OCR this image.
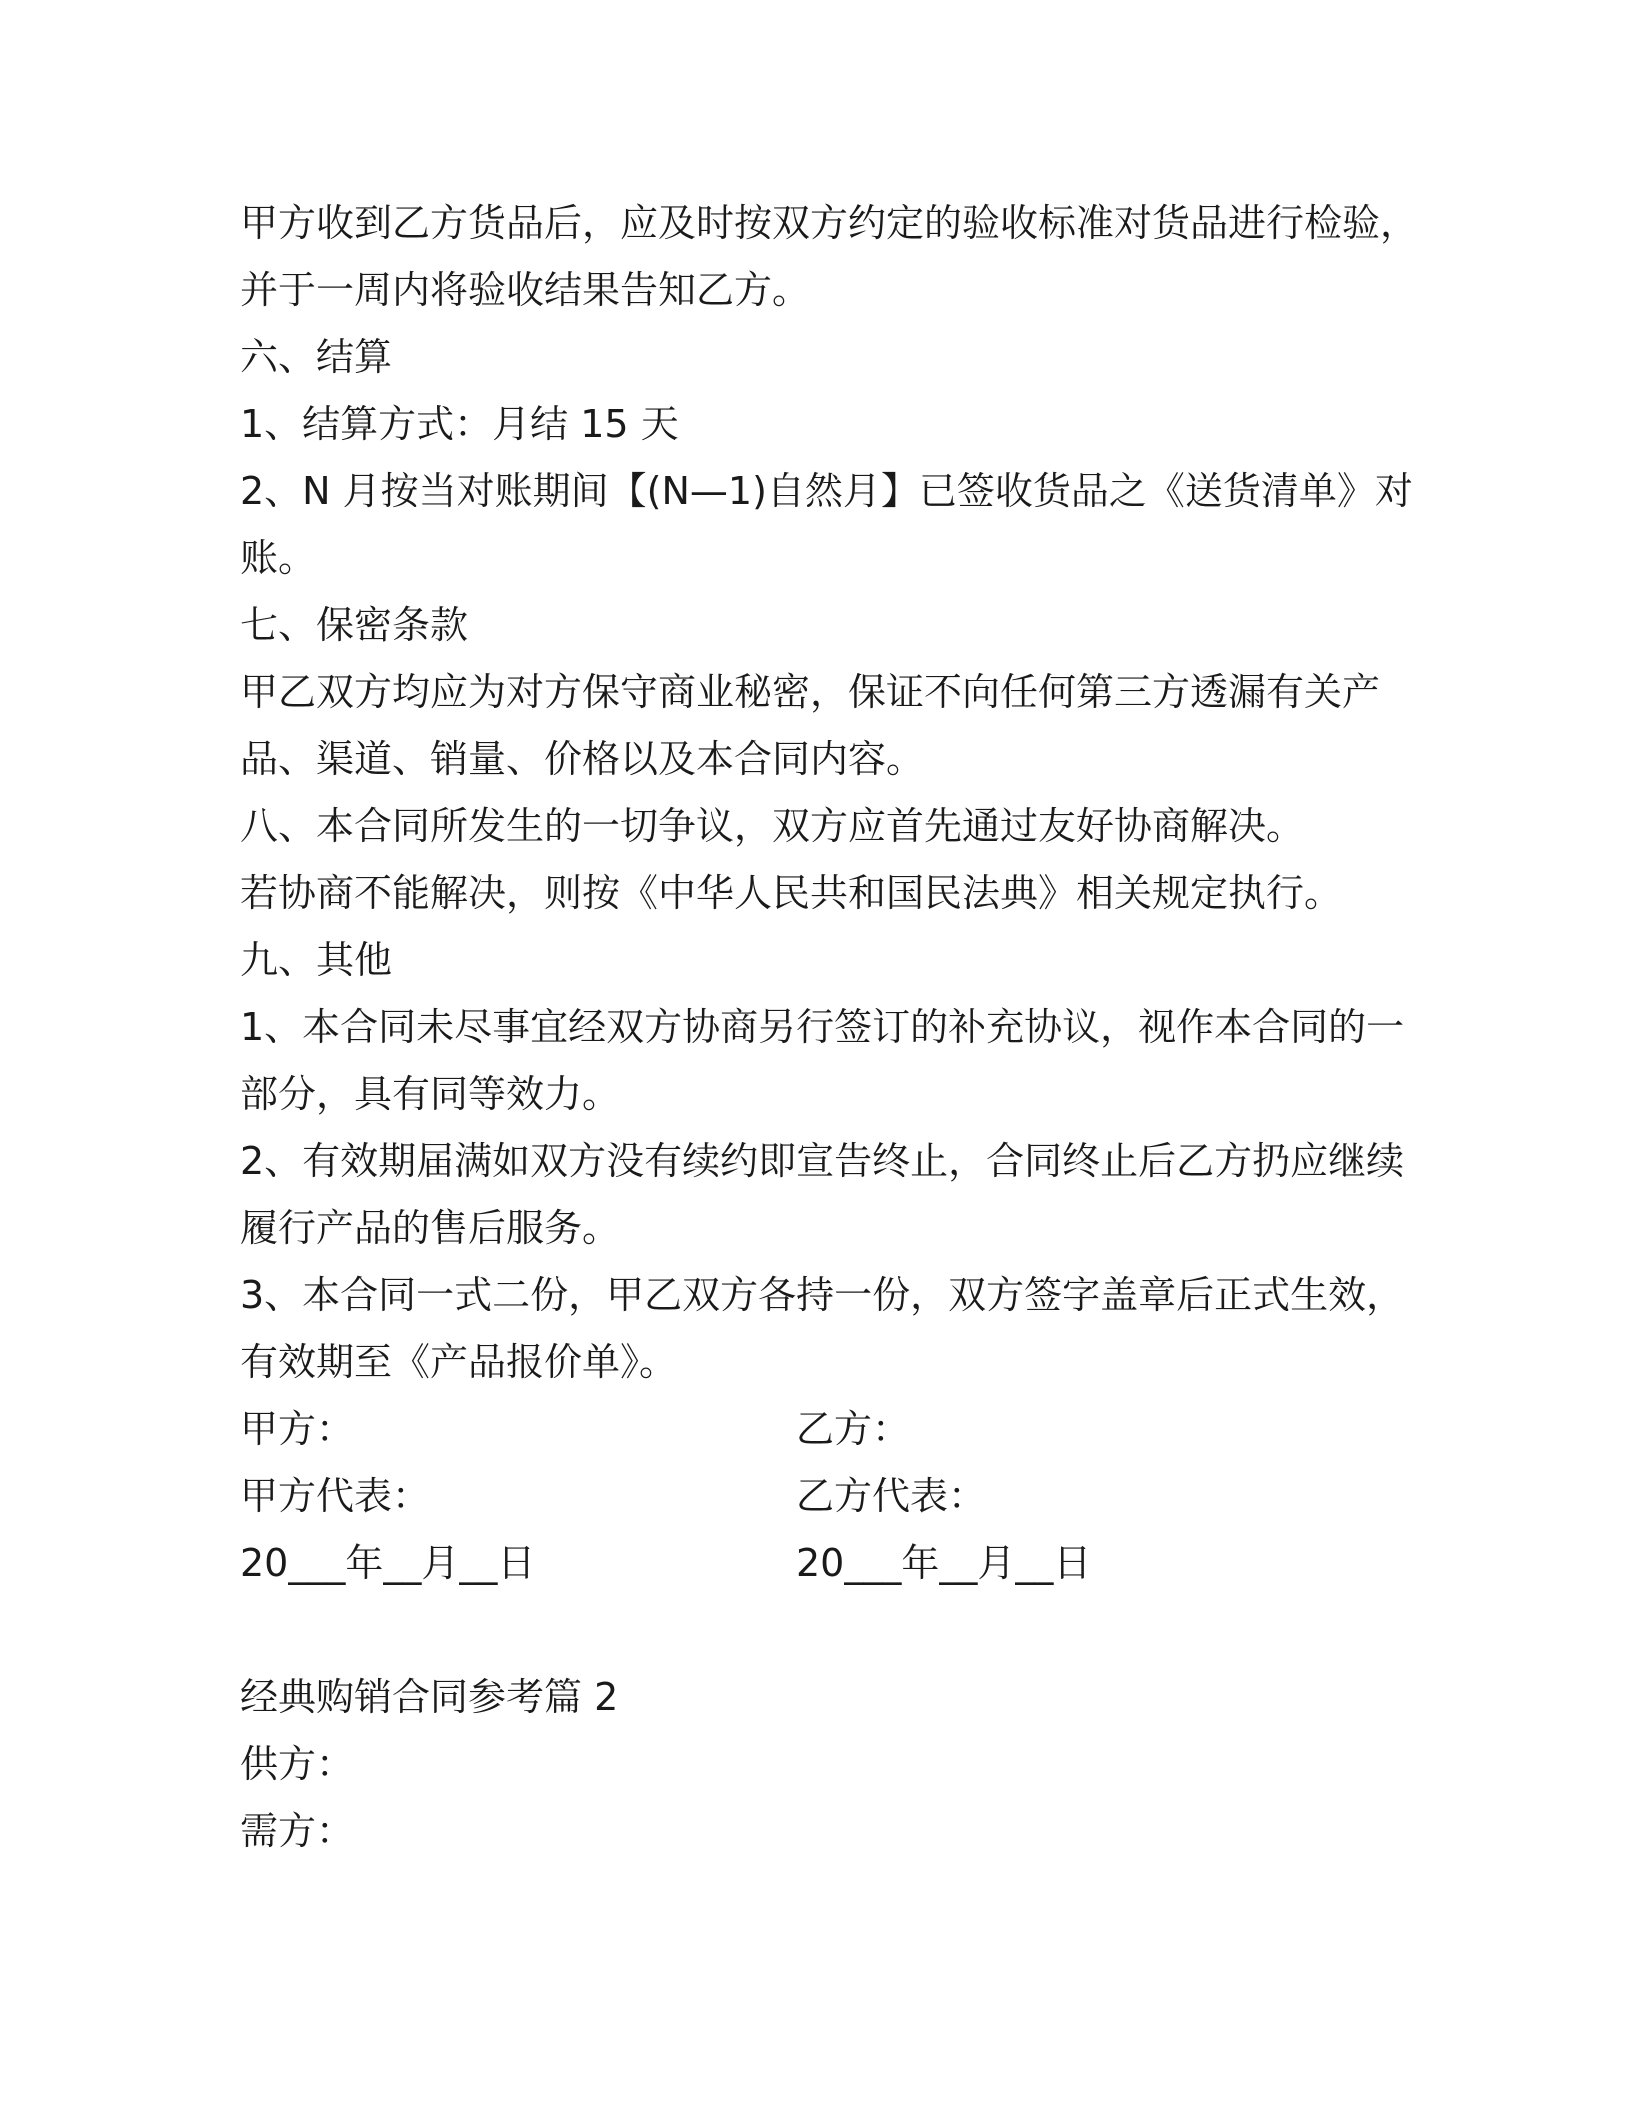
甲方收到乙方货品后，应及时按双方约定的验收标准对货品进行检验，
并于一周内将验收结果告知乙方。
六、结算
1、结算方式：月结 15 天
2、N 月按当对账期间【(N—1)自然月】已签收货品之《送货清单》对
账。
七、保密条款
甲乙双方均应为对方保守商业秘密，保证不向任何第三方透漏有关产
品、渠道、销量、价格以及本合同内容。
八、本合同所发生的一切争议，双方应首先通过友好协商解决。
若协商不能解决，则按《中华人民共和国民法典》相关规定执行。
九、其他
1、本合同未尽事宜经双方协商另行签订的补充协议，视作本合同的一
部分，具有同等效力。
2、有效期届满如双方没有续约即宣告终止，合同终止后乙方扔应继续
履行产品的售后服务。
3、本合同一式二份，甲乙双方各持一份，双方签字盖章后正式生效，
有效期至《产品报价单》。
甲方：	乙方：
甲方代表：	乙方代表：
20___年__月__日	20___年__月__日
经典购销合同参考篇 2
供方：
需方：
